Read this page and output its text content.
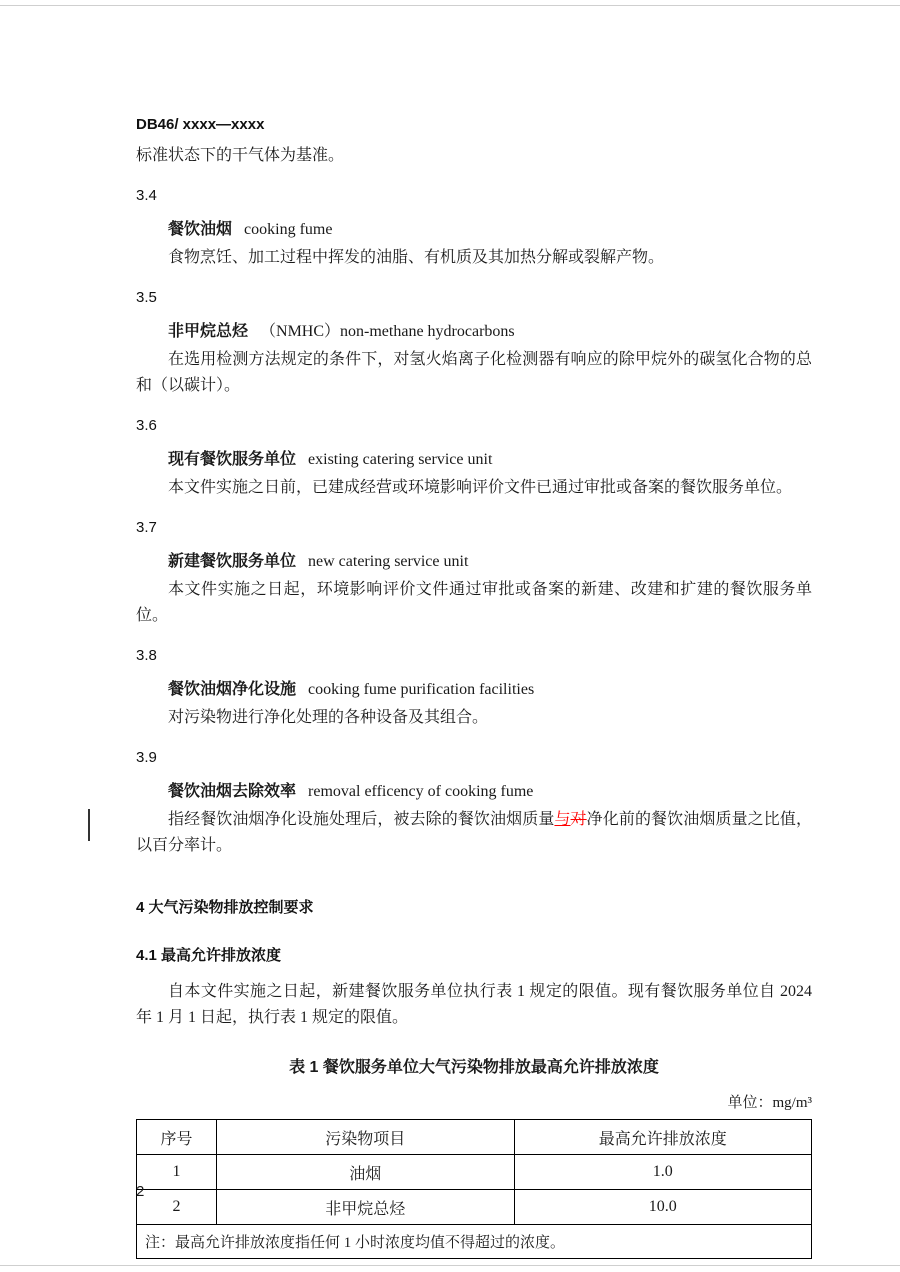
DB46/ xxxx—xxxx

标准状态下的干气体为基准。

3.4

餐饮油烟 cooking fume

食物烹饪、加工过程中挥发的油脂、有机质及其加热分解或裂解产物。

3.5

非甲烷总烃 （NMHC）non-methane hydrocarbons

在选用检测方法规定的条件下，对氢火焰离子化检测器有响应的除甲烷外的碳氢化合物的总和（以碳计）。

3.6

现有餐饮服务单位 existing catering service unit

本文件实施之日前，已建成经营或环境影响评价文件已通过审批或备案的餐饮服务单位。

3.7

新建餐饮服务单位 new catering service unit

本文件实施之日起，环境影响评价文件通过审批或备案的新建、改建和扩建的餐饮服务单位。

3.8

餐饮油烟净化设施 cooking fume purification facilities

对污染物进行净化处理的各种设备及其组合。

3.9

餐饮油烟去除效率 removal efficency of cooking fume

指经餐饮油烟净化设施处理后，被去除的餐饮油烟质量与对净化前的餐饮油烟质量之比值，以百分率计。

4 大气污染物排放控制要求

4.1 最高允许排放浓度

自本文件实施之日起，新建餐饮服务单位执行表 1 规定的限值。现有餐饮服务单位自 2024 年 1 月 1 日起，执行表 1 规定的限值。

表 1 餐饮服务单位大气污染物排放最高允许排放浓度

单位：mg/m³

序号	污染物项目	最高允许排放浓度
1	油烟	1.0
2	非甲烷总烃	10.0
注：最高允许排放浓度指任何 1 小时浓度均值不得超过的浓度。		
2
